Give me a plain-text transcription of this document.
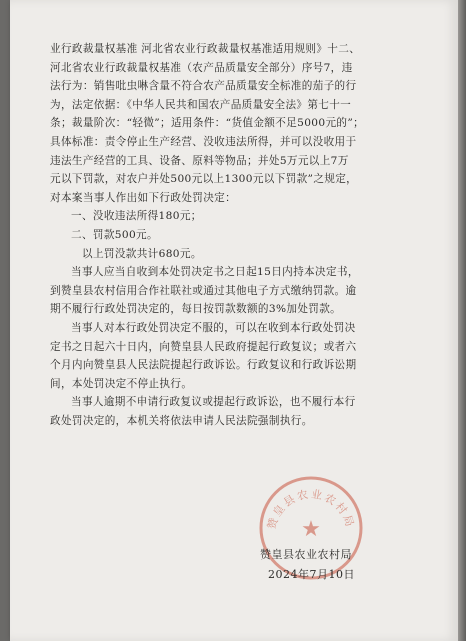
业行政裁量权基准 河北省农业行政裁量权基准适用规则》十二、

河北省农业行政裁量权基准（农产品质量安全部分）序号7，违

法行为：销售吡虫啉含量不符合农产品质量安全标准的茄子的行

为，法定依据：《中华人民共和国农产品质量安全法》第七十一

条；裁量阶次：“轻微”；适用条件：“货值金额不足5000元的”；

具体标准：责令停止生产经营、没收违法所得，并可以没收用于

违法生产经营的工具、设备、原料等物品；并处5万元以上7万

元以下罚款，对农户并处500元以上1300元以下罚款”之规定，

对本案当事人作出如下行政处罚决定：

一、没收违法所得180元；

二、罚款500元。

以上罚没款共计680元。

当事人应当自收到本处罚决定书之日起15日内持本决定书，

到赞皇县农村信用合作社联社或通过其他电子方式缴纳罚款。逾

期不履行行政处罚决定的，每日按罚款数额的3%加处罚款。

当事人对本行政处罚决定不服的，可以在收到本行政处罚决

定书之日起六十日内，向赞皇县人民政府提起行政复议；或者六

个月内向赞皇县人民法院提起行政诉讼。行政复议和行政诉讼期

间，本处罚决定不停止执行。

当事人逾期不申请行政复议或提起行政诉讼，也不履行本行

政处罚决定的，本机关将依法申请人民法院强制执行。

赞皇县农业农村局
★
赞皇县农业农村局
2024年7月10日
